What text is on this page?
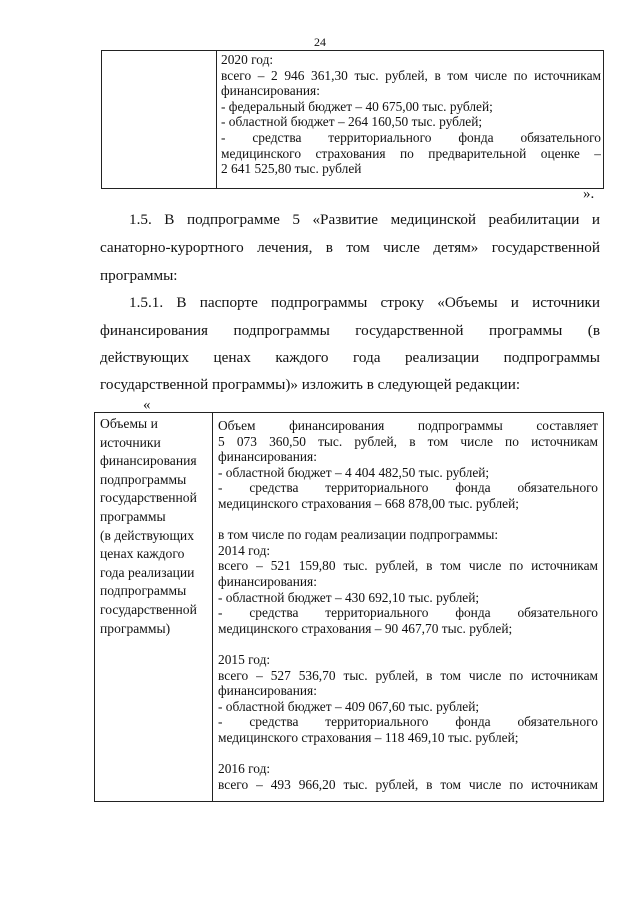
24
2020 год:
всего – 2 946 361,30 тыс. рублей, в том числе по источникам
финансирования:
- федеральный бюджет – 40 675,00 тыс. рублей;
- областной бюджет – 264 160,50 тыс. рублей;
- средства территориального фонда обязательного
медицинского страхования по предварительной оценке –
2 641 525,80 тыс. рублей
».
1.5. В подпрограмме 5 «Развитие медицинской реабилитации и
санаторно-курортного лечения, в том числе детям» государственной
программы:
1.5.1. В паспорте подпрограммы строку «Объемы и источники
финансирования подпрограммы государственной программы (в
действующих ценах каждого года реализации подпрограммы
государственной программы)» изложить в следующей редакции:
«
Объемы и
источники
финансирования
подпрограммы
государственной
программы
(в действующих
ценах каждого
года реализации
подпрограммы
государственной
программы)
Объем финансирования подпрограммы составляет
5 073 360,50 тыс. рублей, в том числе по источникам
финансирования:
- областной бюджет – 4 404 482,50 тыс. рублей;
- средства территориального фонда обязательного
медицинского страхования – 668 878,00 тыс. рублей;
в том числе по годам реализации подпрограммы:
2014 год:
всего – 521 159,80 тыс. рублей, в том числе по источникам
финансирования:
- областной бюджет – 430 692,10 тыс. рублей;
- средства территориального фонда обязательного
медицинского страхования – 90 467,70 тыс. рублей;
2015 год:
всего – 527 536,70 тыс. рублей, в том числе по источникам
финансирования:
- областной бюджет – 409 067,60 тыс. рублей;
- средства территориального фонда обязательного
медицинского страхования – 118 469,10 тыс. рублей;
2016 год:
всего – 493 966,20 тыс. рублей, в том числе по источникам
